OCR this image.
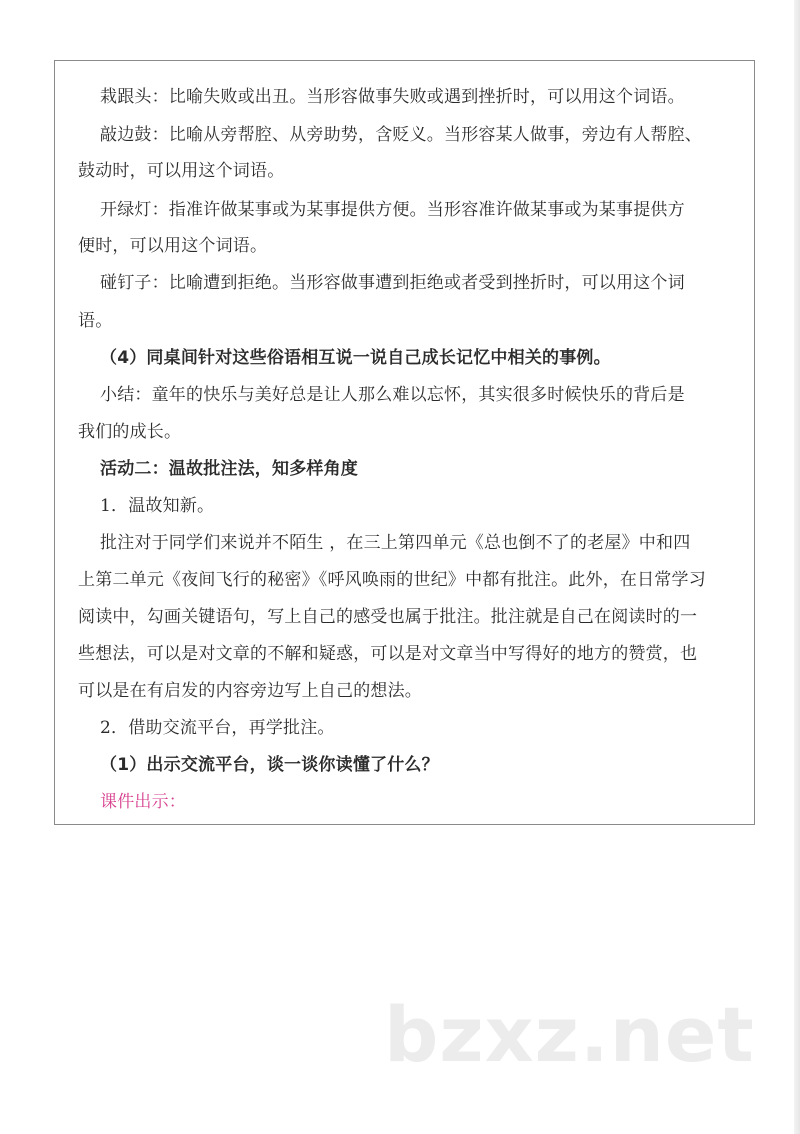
栽跟头：比喻失败或出丑。当形容做事失败或遇到挫折时，可以用这个词语。
敲边鼓：比喻从旁帮腔、从旁助势，含贬义。当形容某人做事，旁边有人帮腔、
鼓动时，可以用这个词语。
开绿灯：指准许做某事或为某事提供方便。当形容准许做某事或为某事提供方
便时，可以用这个词语。
碰钉子：比喻遭到拒绝。当形容做事遭到拒绝或者受到挫折时，可以用这个词
语。
（4）同桌间针对这些俗语相互说一说自己成长记忆中相关的事例。
小结：童年的快乐与美好总是让人那么难以忘怀，其实很多时候快乐的背后是
我们的成长。
活动二：温故批注法，知多样角度
1．温故知新。
批注对于同学们来说并不陌生 ，在三上第四单元《总也倒不了的老屋》中和四
上第二单元《夜间飞行的秘密》《呼风唤雨的世纪》中都有批注。此外，在日常学习
阅读中，勾画关键语句，写上自己的感受也属于批注。批注就是自己在阅读时的一
些想法，可以是对文章的不解和疑惑，可以是对文章当中写得好的地方的赞赏，也
可以是在有启发的内容旁边写上自己的想法。
2．借助交流平台，再学批注。
（1）出示交流平台，谈一谈你读懂了什么？
课件出示：
bzxz.net
